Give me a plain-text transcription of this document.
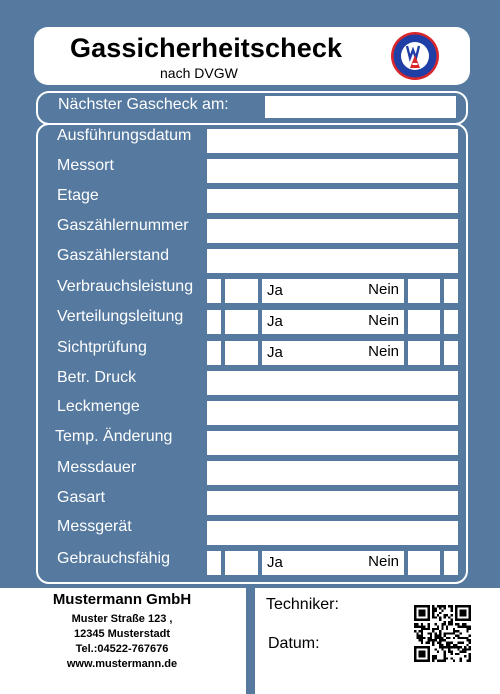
Gassicherheitscheck
nach DVGW
Nächster Gascheck am:
Ausführungsdatum
Messort
Etage
Gaszählernummer
Gaszählerstand
Verbrauchsleistung	Ja	Nein
Verteilungsleitung	Ja	Nein
Sichtprüfung	Ja	Nein
Betr. Druck
Leckmenge
Temp. Änderung
Messdauer
Gasart
Messgerät
Gebrauchsfähig	Ja	Nein
Mustermann GmbH
Muster Straße 123 ,
12345 Musterstadt
Tel.:04522-767676
www.mustermann.de
Techniker:
Datum:
